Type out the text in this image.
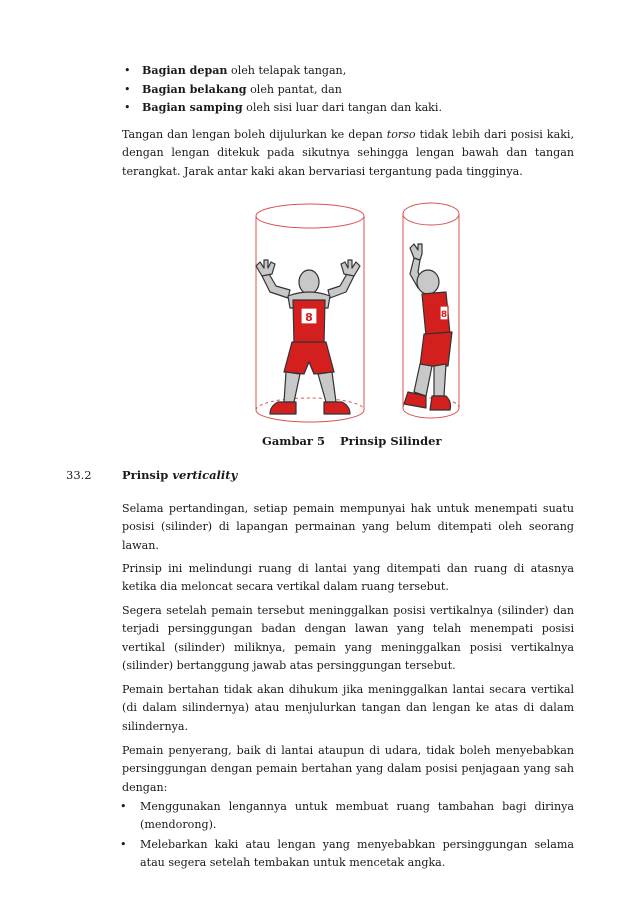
• Bagian depan oleh telapak tangan,
• Bagian belakang oleh pantat, dan
• Bagian samping oleh sisi luar dari tangan dan kaki.
Tangan dan lengan boleh dijulurkan ke depan torso tidak lebih dari posisi kaki, dengan lengan ditekuk pada sikutnya sehingga lengan bawah dan tangan terangkat. Jarak antar kaki akan bervariasi tergantung pada tingginya.
8	8
Gambar 5 Prinsip Silinder
33.2	Prinsip verticality
Selama pertandingan, setiap pemain mempunyai hak untuk menempati suatu posisi (silinder) di lapangan permainan yang belum ditempati oleh seorang lawan.
Prinsip ini melindungi ruang di lantai yang ditempati dan ruang di atasnya ketika dia meloncat secara vertikal dalam ruang tersebut.
Segera setelah pemain tersebut meninggalkan posisi vertikalnya (silinder) dan terjadi persinggungan badan dengan lawan yang telah menempati posisi vertikal (silinder) miliknya, pemain yang meninggalkan posisi vertikalnya (silinder) bertanggung jawab atas persinggungan tersebut.
Pemain bertahan tidak akan dihukum jika meninggalkan lantai secara vertikal (di dalam silindernya) atau menjulurkan tangan dan lengan ke atas di dalam silindernya.
Pemain penyerang, baik di lantai ataupun di udara, tidak boleh menyebabkan persinggungan dengan pemain bertahan yang dalam posisi penjagaan yang sah dengan:
• Menggunakan lengannya untuk membuat ruang tambahan bagi dirinya (mendorong).
• Melebarkan kaki atau lengan yang menyebabkan persinggungan selama atau segera setelah tembakan untuk mencetak angka.
